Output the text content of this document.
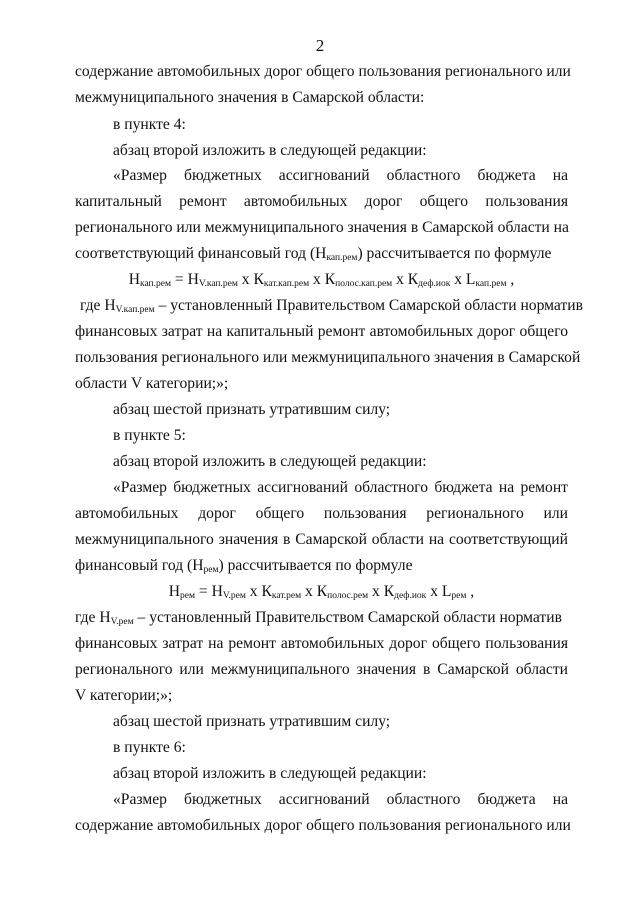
2
содержание автомобильных дорог общего пользования регионального или
межмуниципального значения в Самарской области:
в пункте 4:
абзац второй изложить в следующей редакции:
«Размер бюджетных ассигнований областного бюджета на
капитальный ремонт автомобильных дорог общего пользования
регионального или межмуниципального значения в Самарской области на
соответствующий финансовый год $(Н_{кап.рем})$ рассчитывается по формуле
$Н_{кап.рем} = Н_{V.кап.рем}$ х $К_{кат.кап.рем}$ х $К_{полос.кап.рем}$ х $К_{деф.иок}$ х $L_{кап.рем}$ ,
где $Н_{V.кап.рем}$ – установленный Правительством Самарской области норматив
финансовых затрат на капитальный ремонт автомобильных дорог общего
пользования регионального или межмуниципального значения в Самарской
области V категории;»;
абзац шестой признать утратившим силу;
в пункте 5:
абзац второй изложить в следующей редакции:
«Размер бюджетных ассигнований областного бюджета на ремонт
автомобильных дорог общего пользования регионального или
межмуниципального значения в Самарской области на соответствующий
финансовый год $(Н_{рем})$ рассчитывается по формуле
$Н_{рем} = Н_{V.рем}$ х $К_{кат.рем}$ х $К_{полос.рем}$ х $К_{деф.иок}$ х $L_{рем}$ ,
где $Н_{V.рем}$ – установленный Правительством Самарской области норматив
финансовых затрат на ремонт автомобильных дорог общего пользования
регионального или межмуниципального значения в Самарской области
V категории;»;
абзац шестой признать утратившим силу;
в пункте 6:
абзац второй изложить в следующей редакции:
«Размер бюджетных ассигнований областного бюджета на
содержание автомобильных дорог общего пользования регионального или
